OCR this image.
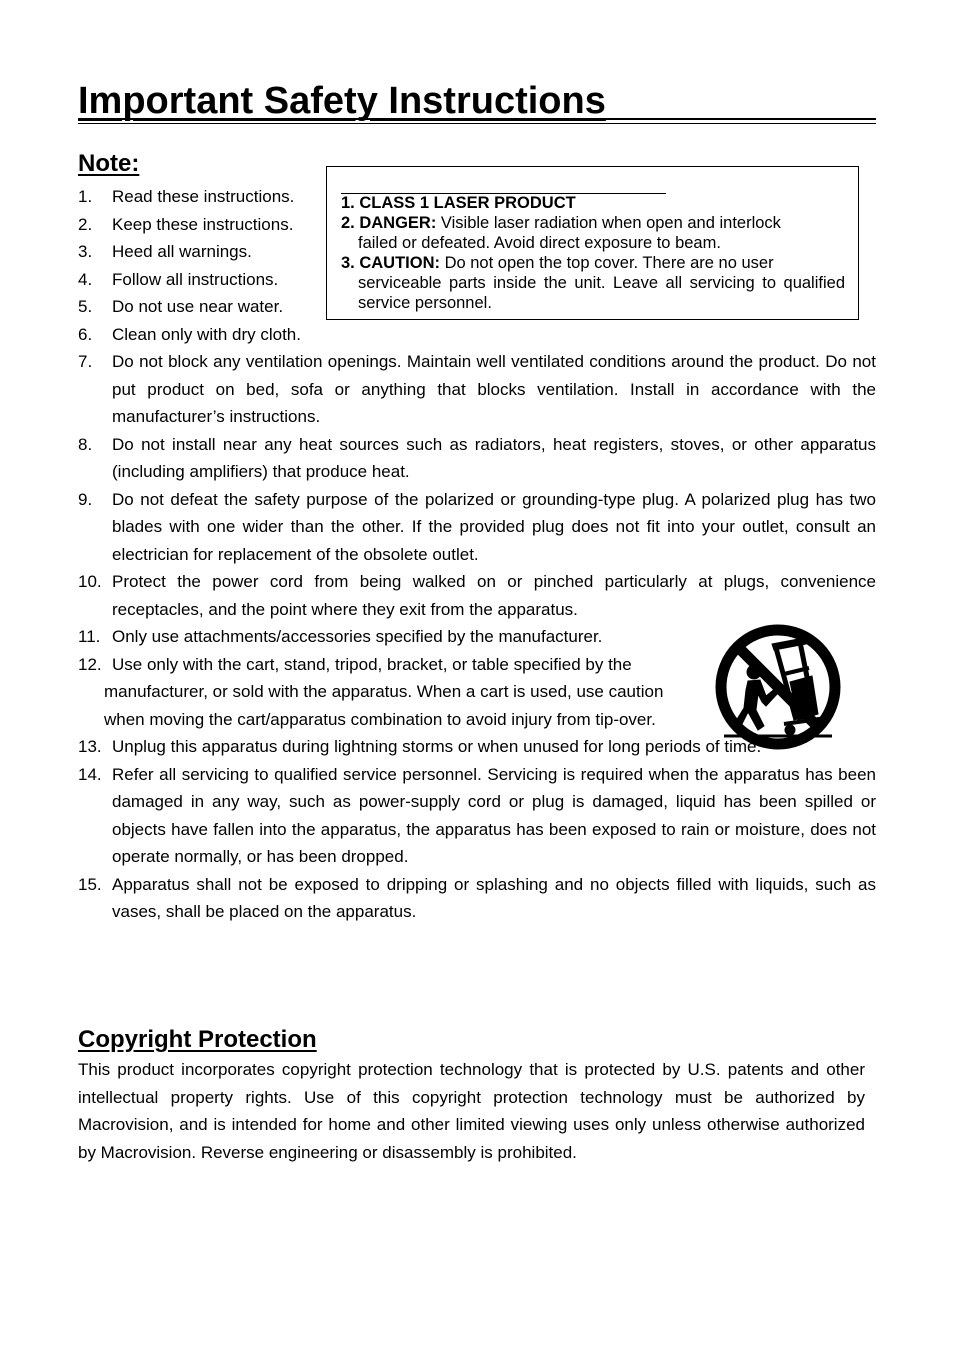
Important Safety Instructions
Note:
1.	Read these instructions.
2.	Keep these instructions.
3.	Heed all warnings.
4.	Follow all instructions.
5.	Do not use near water.
6.	Clean only with dry cloth.
7.	Do not block any ventilation openings. Maintain well ventilated conditions around the product. Do not put product on bed, sofa or anything that blocks ventilation. Install in accordance with the manufacturer’s instructions.
8.	Do not install near any heat sources such as radiators, heat registers, stoves, or other apparatus (including amplifiers) that produce heat.
9.	Do not defeat the safety purpose of the polarized or grounding-type plug. A polarized plug has two blades with one wider than the other. If the provided plug does not fit into your outlet, consult an electrician for replacement of the obsolete outlet.
10. Protect the power cord from being walked on or pinched particularly at plugs, convenience receptacles, and the point where they exit from the apparatus.
11. Only use attachments/accessories specified by the manufacturer.
12. Use only with the cart, stand, tripod, bracket, or table specified by the
manufacturer, or sold with the apparatus. When a cart is used, use caution when moving the cart/apparatus combination to avoid injury from tip-over.
13. Unplug this apparatus during lightning storms or when unused for long periods of time.
14. Refer all servicing to qualified service personnel. Servicing is required when the apparatus has been damaged in any way, such as power-supply cord or plug is damaged, liquid has been spilled or objects have fallen into the apparatus, the apparatus has been exposed to rain or moisture, does not operate normally, or has been dropped.
15. Apparatus shall not be exposed to dripping or splashing and no objects filled with liquids, such as vases, shall be placed on the apparatus.
1. CLASS 1 LASER PRODUCT
2. DANGER: Visible laser radiation when open and interlock
failed or defeated. Avoid direct exposure to beam.
3. CAUTION: Do not open the top cover. There are no user
serviceable parts inside the unit. Leave all servicing to qualified service personnel.
Copyright Protection

This product incorporates copyright protection technology that is protected by U.S. patents and other intellectual property rights. Use of this copyright protection technology must be authorized by Macrovision, and is intended for home and other limited viewing uses only unless otherwise authorized by Macrovision. Reverse engineering or disassembly is prohibited.
